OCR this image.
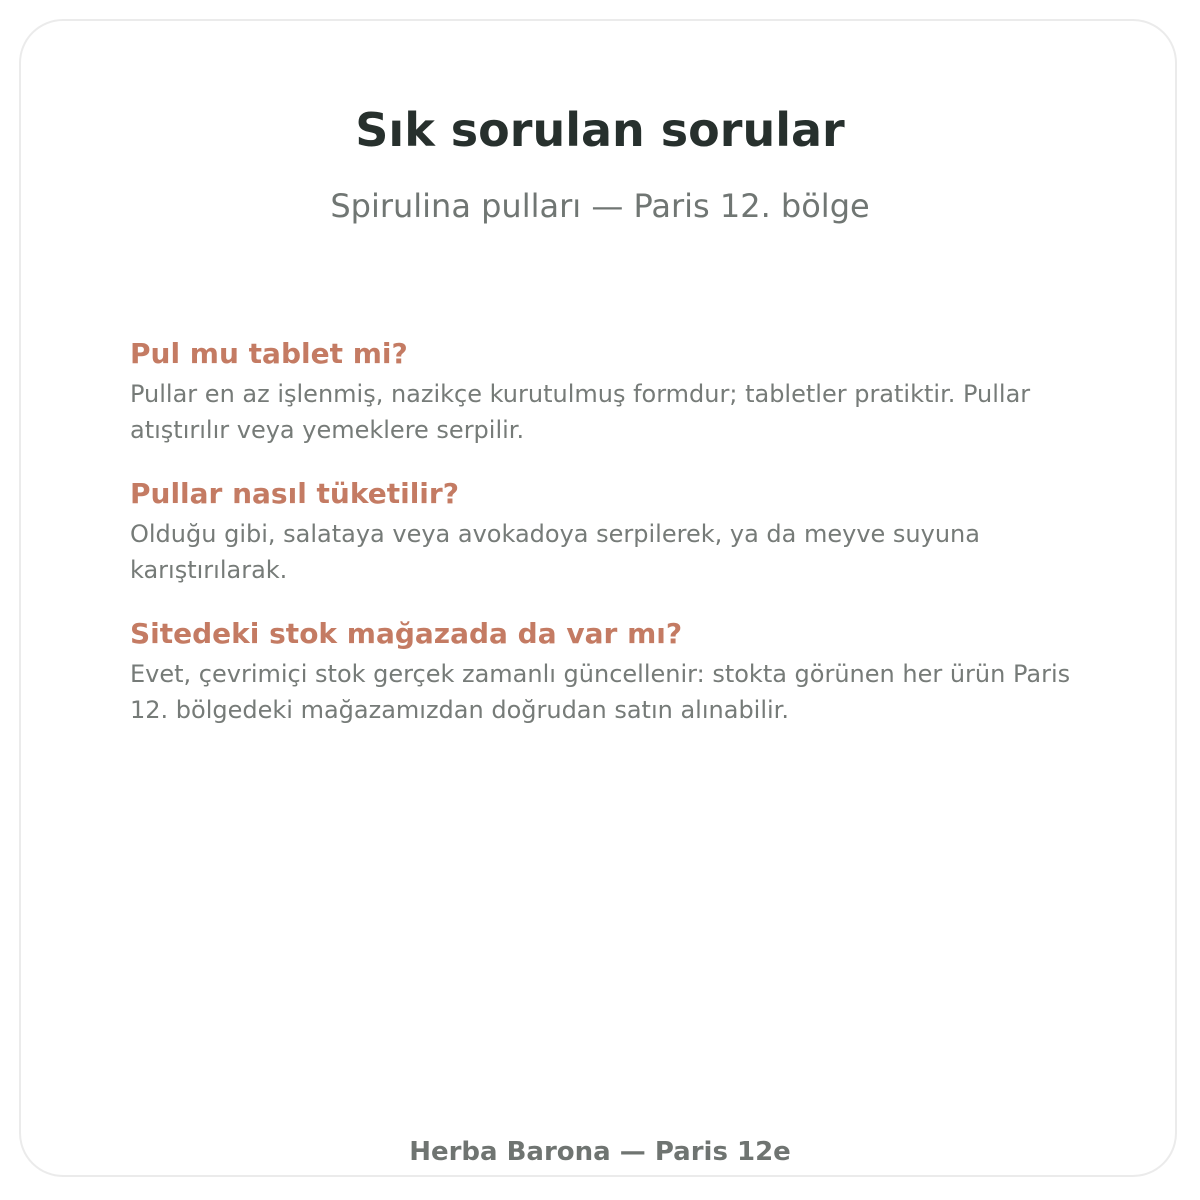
Sık sorulan sorular
Spirulina pulları — Paris 12. bölge
Pul mu tablet mi?

Pullar en az işlenmiş, nazikçe kurutulmuş formdur; tabletler pratiktir. Pullar atıştırılır veya yemeklere serpilir.

Pullar nasıl tüketilir?

Olduğu gibi, salataya veya avokadoya serpilerek, ya da meyve suyuna karıştırılarak.

Sitedeki stok mağazada da var mı?

Evet, çevrimiçi stok gerçek zamanlı güncellenir: stokta görünen her ürün Paris 12. bölgedeki mağazamızdan doğrudan satın alınabilir.

Herba Barona — Paris 12e
